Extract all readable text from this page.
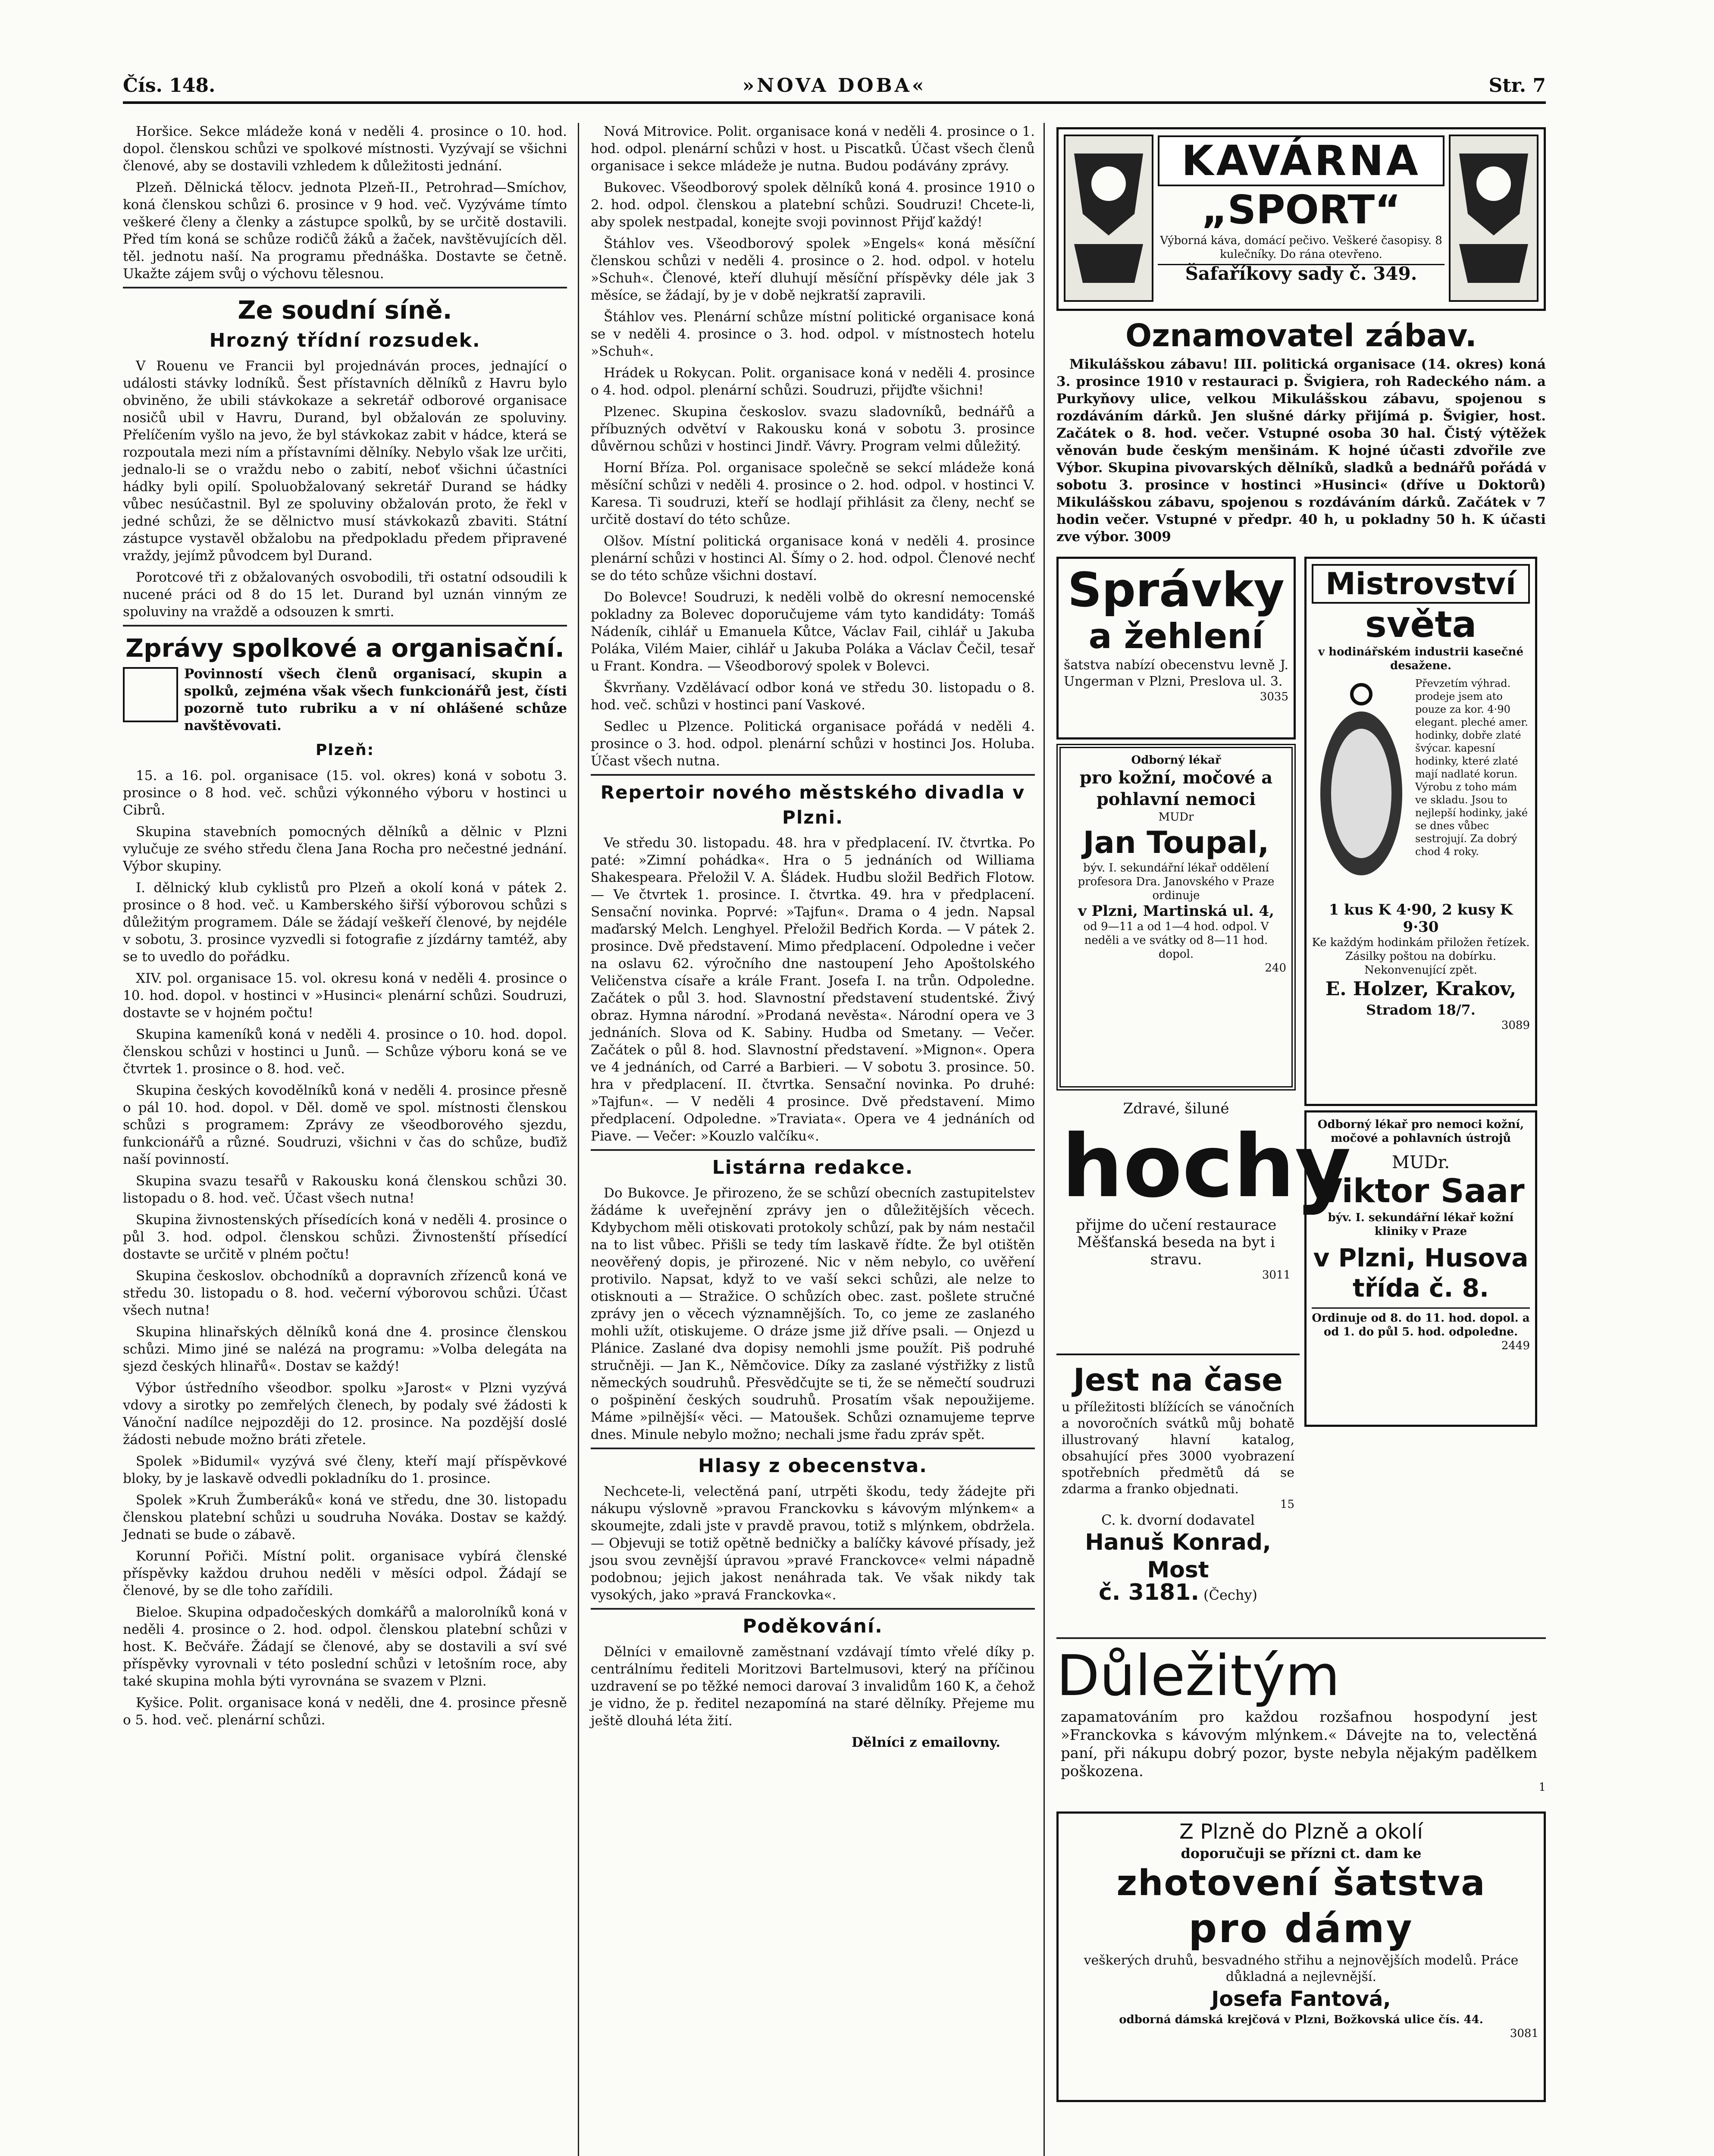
Čís. 148.	»NOVA DOBA«	Str. 7

Horšice. Sekce mládeže koná v neděli 4. prosince o 10. hod. dopol. členskou schůzi ve spolkové místnosti. Vyzývají se všichni členové, aby se dostavili vzhledem k důležitosti jednání.

Plzeň. Dělnická tělocv. jednota Plzeň-II., Petrohrad—Smíchov, koná členskou schůzi 6. prosince v 9 hod. več. Vyzýváme tímto veškeré členy a členky a zástupce spolků, by se určitě dostavili. Před tím koná se schůze rodičů žáků a žaček, navštěvujících děl. těl. jednotu naší. Na programu přednáška. Dostavte se četně. Ukažte zájem svůj o výchovu tělesnou.

Ze soudní síně.
Hrozný třídní rozsudek.

V Rouenu ve Francii byl projednáván proces, jednající o události stávky lodníků. Šest přístavních dělníků z Havru bylo obviněno, že ubili stávkokaze a sekretář odborové organisace nosičů ubil v Havru, Durand, byl obžalován ze spoluviny. Přelíčením vyšlo na jevo, že byl stávkokaz zabit v hádce, která se rozpoutala mezi ním a přístavními dělníky. Nebylo však lze určiti, jednalo-li se o vraždu nebo o zabití, neboť všichni účastníci hádky byli opilí. Spoluobžalovaný sekretář Durand se hádky vůbec nesúčastnil. Byl ze spoluviny obžalován proto, že řekl v jedné schůzi, že se dělnictvo musí stávkokazů zbaviti. Státní zástupce vystavěl obžalobu na předpokladu předem připravené vraždy, jejímž původcem byl Durand.

Porotcové tři z obžalovaných osvobodili, tři ostatní odsoudili k nucené práci od 8 do 15 let. Durand byl uznán vinným ze spoluviny na vraždě a odsouzen k smrti.

Zprávy spolkové a organisační.
Povinností všech členů organisací, skupin a spolků, zejména však všech funkcionářů jest, čísti pozorně tuto rubriku a v ní ohlášené schůze navštěvovati.
Plzeň:

15. a 16. pol. organisace (15. vol. okres) koná v sobotu 3. prosince o 8 hod. več. schůzi výkonného výboru v hostinci u Cibrů.

Skupina stavebních pomocných dělníků a dělnic v Plzni vylučuje ze svého středu člena Jana Rocha pro nečestné jednání. Výbor skupiny.

I. dělnický klub cyklistů pro Plzeň a okolí koná v pátek 2. prosince o 8 hod. več. u Kamberského šiřší výborovou schůzi s důležitým programem. Dále se žádají veškeří členové, by nejdéle v sobotu, 3. prosince vyzvedli si fotografie z jízdárny tamtéž, aby se to uvedlo do pořádku.

XIV. pol. organisace 15. vol. okresu koná v neděli 4. prosince o 10. hod. dopol. v hostinci v »Husinci« plenární schůzi. Soudruzi, dostavte se v hojném počtu!

Skupina kameníků koná v neděli 4. prosince o 10. hod. dopol. členskou schůzi v hostinci u Junů. — Schůze výboru koná se ve čtvrtek 1. prosince o 8. hod. več.

Skupina českých kovodělníků koná v neděli 4. prosince přesně o pál 10. hod. dopol. v Děl. domě ve spol. místnosti členskou schůzi s programem: Zprávy ze všeodborového sjezdu, funkcionářů a různé. Soudruzi, všichni v čas do schůze, buďiž naší povinností.

Skupina svazu tesařů v Rakousku koná členskou schůzi 30. listopadu o 8. hod. več. Účast všech nutna!

Skupina živnostenských přísedících koná v neděli 4. prosince o půl 3. hod. odpol. členskou schůzi. Živnostenští přísedící dostavte se určitě v plném počtu!

Skupina českoslov. obchodníků a dopravních zřízenců koná ve středu 30. listopadu o 8. hod. večerní výborovou schůzi. Účast všech nutna!

Skupina hlinařských dělníků koná dne 4. prosince členskou schůzi. Mimo jiné se nalézá na programu: »Volba delegáta na sjezd českých hlinařů«. Dostav se každý!

Výbor ústředního všeodbor. spolku »Jarost« v Plzni vyzývá vdovy a sirotky po zemřelých členech, by podaly své žádosti k Vánoční nadílce nejpozději do 12. prosince. Na pozdější doslé žádosti nebude možno bráti zřetele.

Spolek »Bidumil« vyzývá své členy, kteří mají příspěvkové bloky, by je laskavě odvedli pokladníku do 1. prosince.

Spolek »Kruh Žumberáků« koná ve středu, dne 30. listopadu členskou platební schůzi u soudruha Nováka. Dostav se každý. Jednati se bude o zábavě.

Korunní Pořiči. Místní polit. organisace vybírá členské příspěvky každou druhou neděli v měsíci odpol. Žádají se členové, by se dle toho zařídili.

Bieloe. Skupina odpadočeských domkářů a malorolníků koná v neděli 4. prosince o 2. hod. odpol. členskou platební schůzi v host. K. Bečváře. Žádají se členové, aby se dostavili a sví své příspěvky vyrovnali v této poslední schůzi v letošním roce, aby také skupina mohla býti vyrovnána se svazem v Plzni.

Kyšice. Polit. organisace koná v neděli, dne 4. prosince přesně o 5. hod. več. plenární schůzi.

Nová Mitrovice. Polit. organisace koná v neděli 4. prosince o 1. hod. odpol. plenární schůzi v host. u Piscatků. Účast všech členů organisace i sekce mládeže je nutna. Budou podávány zprávy.

Bukovec. Všeodborový spolek dělníků koná 4. prosince 1910 o 2. hod. odpol. členskou a platební schůzi. Soudruzi! Chcete-li, aby spolek nestpadal, konejte svoji povinnost Přijď každý!

Štáhlov ves. Všeodborový spolek »Engels« koná měsíční členskou schůzi v neděli 4. prosince o 2. hod. odpol. v hotelu »Schuh«. Členové, kteří dluhují měsíční příspěvky déle jak 3 měsíce, se žádají, by je v době nejkratší zapravili.

Štáhlov ves. Plenární schůze místní politické organisace koná se v neděli 4. prosince o 3. hod. odpol. v místnostech hotelu »Schuh«.

Hrádek u Rokycan. Polit. organisace koná v neděli 4. prosince o 4. hod. odpol. plenární schůzi. Soudruzi, přijďte všichni!

Plzenec. Skupina českoslov. svazu sladovníků, bednářů a příbuzných odvětví v Rakousku koná v sobotu 3. prosince důvěrnou schůzi v hostinci Jindř. Vávry. Program velmi důležitý.

Horní Bříza. Pol. organisace společně se sekcí mládeže koná měsíční schůzi v neděli 4. prosince o 2. hod. odpol. v hostinci V. Karesa. Ti soudruzi, kteří se hodlají přihlásit za členy, nechť se určitě dostaví do této schůze.

Olšov. Místní politická organisace koná v neděli 4. prosince plenární schůzi v hostinci Al. Šímy o 2. hod. odpol. Členové nechť se do této schůze všichni dostaví.

Do Bolevce! Soudruzi, k neděli volbě do okresní nemocenské pokladny za Bolevec doporučujeme vám tyto kandidáty: Tomáš Nádeník, cihlář u Emanuela Kůtce, Václav Fail, cihlář u Jakuba Poláka, Vilém Maier, cihlář u Jakuba Poláka a Václav Čečil, tesař u Frant. Kondra. — Všeodborový spolek v Bolevci.

Škvrňany. Vzdělávací odbor koná ve středu 30. listopadu o 8. hod. več. schůzi v hostinci paní Vaskové.

Sedlec u Plzence. Politická organisace pořádá v neděli 4. prosince o 3. hod. odpol. plenární schůzi v hostinci Jos. Holuba. Účast všech nutna.

Repertoir nového městského divadla v Plzni.

Ve středu 30. listopadu. 48. hra v předplacení. IV. čtvrtka. Po paté: »Zimní pohádka«. Hra o 5 jednáních od Williama Shakespeara. Přeložil V. A. Šládek. Hudbu složil Bedřich Flotow. — Ve čtvrtek 1. prosince. I. čtvrtka. 49. hra v předplacení. Sensační novinka. Poprvé: »Tajfun«. Drama o 4 jedn. Napsal maďarský Melch. Lenghyel. Přeložil Bedřich Korda. — V pátek 2. prosince. Dvě představení. Mimo předplacení. Odpoledne i večer na oslavu 62. výročního dne nastoupení Jeho Apoštolského Veličenstva císaře a krále Frant. Josefa I. na trůn. Odpoledne. Začátek o půl 3. hod. Slavnostní představení studentské. Živý obraz. Hymna národní. »Prodaná nevěsta«. Národní opera ve 3 jednáních. Slova od K. Sabiny. Hudba od Smetany. — Večer. Začátek o půl 8. hod. Slavnostní představení. »Mignon«. Opera ve 4 jednáních, od Carré a Barbieri. — V sobotu 3. prosince. 50. hra v předplacení. II. čtvrtka. Sensační novinka. Po druhé: »Tajfun«. — V neděli 4 prosince. Dvě představení. Mimo předplacení. Odpoledne. »Traviata«. Opera ve 4 jednáních od Piave. — Večer: »Kouzlo valčíku«.

Listárna redakce.

Do Bukovce. Je přirozeno, že se schůzí obecních zastupitelstev žádáme k uveřejnění zprávy jen o důležitějších věcech. Kdybychom měli otiskovati protokoly schůzí, pak by nám nestačil na to list vůbec. Přišli se tedy tím laskavě řídte. Že byl otištěn neověřený dopis, je přirozené. Nic v něm nebylo, co uvěření protivilo. Napsat, když to ve vaší sekci schůzi, ale nelze to otisknouti a — Stražice. O schůzích obec. zast. pošlete stručné zprávy jen o věcech významnějších. To, co jeme ze zaslaného mohli užít, otiskujeme. O dráze jsme již dříve psali. — Onjezd u Plánice. Zaslané dva dopisy nemohli jsme použít. Piš podruhé stručněji. — Jan K., Němčovice. Díky za zaslané výstřižky z listů německých soudruhů. Přesvědčujte se ti, že se němečtí soudruzi o pošpinění českých soudruhů. Prosatím však nepoužijeme. Máme »pilnější« věci. — Matoušek. Schůzi oznamujeme teprve dnes. Minule nebylo možno; nechali jsme řadu zpráv spět.

Hlasy z obecenstva.

Nechcete-li, velectěná paní, utrpěti škodu, tedy žádejte při nákupu výslovně »pravou Franckovku s kávovým mlýnkem« a skoumejte, zdali jste v pravdě pravou, totiž s mlýnkem, obdržela. — Objevuji se totiž opětně bedničky a balíčky kávové přísady, jež jsou svou zevnější úpravou »pravé Franckovce« velmi nápadně podobnou; jejich jakost nenáhrada tak. Ve však nikdy tak vysokých, jako »pravá Franckovka«.

Poděkování.

Dělníci v emailovně zaměstnaní vzdávají tímto vřelé díky p. centrálnímu řediteli Moritzovi Bartelmusovi, který na příčinou uzdravení se po těžké nemoci darovaí 3 invalidům 160 K, a čehož je vidno, že p. ředitel nezapomíná na staré dělníky. Přejeme mu ještě dlouhá léta žití.

Dělníci z emailovny.
KAVÁRNA
„SPORT“
Výborná káva, domácí pečivo. Veškeré časopisy. 8 kulečníky. Do rána otevřeno.
Šafaříkovy sady č. 349.
Oznamovatel zábav.

Mikulášskou zábavu! III. politická organisace (14. okres) koná 3. prosince 1910 v restauraci p. Švigiera, roh Radeckého nám. a Purkyňovy ulice, velkou Mikulášskou zábavu, spojenou s rozdáváním dárků. Jen slušné dárky přijímá p. Švigier, host. Začátek o 8. hod. večer. Vstupné osoba 30 hal. Čistý výtěžek věnován bude českým menšinám. K hojné účasti zdvořile zve Výbor. Skupina pivovarských dělníků, sladků a bednářů pořádá v sobotu 3. prosince v hostinci »Husinci« (dříve u Doktorů) Mikulášskou zábavu, spojenou s rozdáváním dárků. Začátek v 7 hodin večer. Vstupné v předpr. 40 h, u pokladny 50 h. K účasti zve výbor. 3009

Správky
a žehlení
šatstva nabízí obecenstvu levně J. Ungerman v Plzni, Preslova ul. 3.
3035
Odborný lékař
pro kožní, močové a pohlavní nemoci
MUDr
Jan Toupal,
býv. I. sekundářní lékař oddělení profesora Dra. Janovského v Praze
ordinuje
v Plzni, Martinská ul. 4,
od 9—11 a od 1—4 hod. odpol. V neděli a ve svátky od 8—11 hod. dopol.
240
Zdravé, šiluné
hochy
přijme do učení restaurace Měšťanská beseda na byt i stravu.
3011
Mistrovství
světa
v hodinářském industrii kasečné desažene.
Převzetím výhrad. prodeje jsem ato pouze za kor. 4·90 elegant. pleché amer. hodinky, dobře zlaté švýcar. kapesní hodinky, které zlaté mají nadlaté korun. Výrobu z toho mám ve skladu. Jsou to nejlepší hodinky, jaké se dnes vůbec sestrojují. Za dobrý chod 4 roky.
1 kus K 4·90, 2 kusy K 9·30
Ke každým hodinkám přiložen řetízek. Zásilky poštou na dobírku. Nekonvenující zpět.
E. Holzer, Krakov,
Stradom 18/7.
3089
Odborný lékař pro nemoci kožní, močové a pohlavních ústrojů
MUDr.
Viktor Saar
býv. I. sekundářní lékař kožní kliniky v Praze
v Plzni, Husova třída č. 8.
Ordinuje od 8. do 11. hod. dopol. a od 1. do půl 5. hod. odpoledne.
2449
Jest na čase
u příležitosti blížících se vánočních a novoročních svátků můj bohatě illustrovaný hlavní katalog, obsahující přes 3000 vyobrazení spotřebních předmětů dá se zdarma a franko objednati.
15
C. k. dvorní dodavatel
Hanuš Konrad, Most
č. 3181. (Čechy)
Důležitým
zapamatováním pro každou rozšafnou hospodyní jest »Franckovka s kávovým mlýnkem.« Dávejte na to, velectěná paní, při nákupu dobrý pozor, byste nebyla nějakým padělkem poškozena.
1
Z Plzně do Plzně a okolí
doporučuji se přízni ct. dam ke
zhotovení šatstva
pro dámy
veškerých druhů, besvadného střihu a nejnovějších modelů. Práce důkladná a nejlevnější.
Josefa Fantová,
odborná dámská krejčová v Plzni, Božkovská ulice čís. 44.
3081
